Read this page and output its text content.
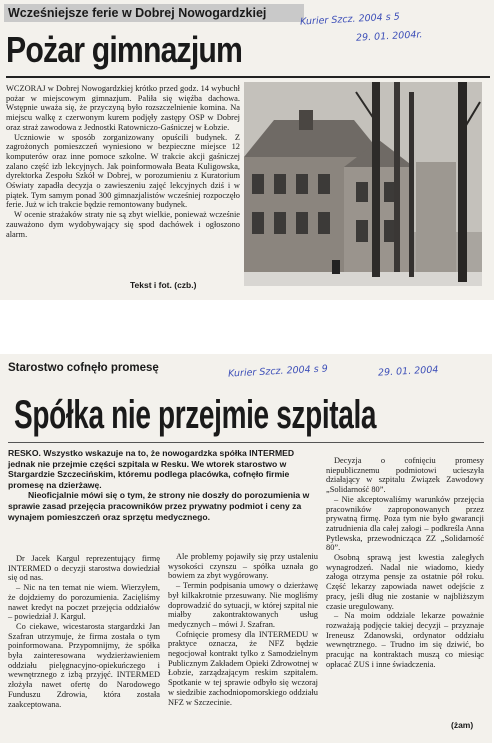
Wcześniejsze ferie w Dobrej Nowogardzkiej	Kurier Szcz. 2004 s 5
29. 01. 2004r.
Pożar gimnazjum

WCZORAJ w Dobrej Nowogardzkiej krótko przed godz. 14 wybuchł pożar w miejscowym gimnazjum. Paliła się więźba dachowa. Wstępnie uważa się, że przyczyną było rozszczelnienie komina. Na miejscu walkę z czerwonym kurem podjęły zastępy OSP w Dobrej oraz straż zawodowa z Jednostki Ratowniczo-Gaśniczej w Łobzie.

Uczniowie w sposób zorganizowany opuścili budynek. Z zagrożonych pomieszczeń wyniesiono w bezpieczne miejsce 12 komputerów oraz inne pomoce szkolne. W trakcie akcji gaśniczej zalano część izb lekcyjnych. Jak poinformowała Beata Kuligowska, dyrektorka Zespołu Szkół w Dobrej, w porozumieniu z Kuratorium Oświaty zapadła decyzja o zawieszeniu zajęć lekcyjnych dziś i w piątek. Tym samym ponad 300 gimnazjalistów wcześniej rozpoczęło ferie. Już w ich trakcie będzie remontowany budynek.

W ocenie strażaków straty nie są zbyt wielkie, ponieważ wcześnie zauważono dym wydobywający się spod dachówek i ogłoszono alarm.

Tekst i fot. (czb.)
Starostwo cofnęło promesę	Kurier Szcz. 2004 s 9	29. 01. 2004
Spółka nie przejmie szpitala

RESKO. Wszystko wskazuje na to, że nowogardzka spółka INTERMED jednak nie przejmie części szpitala w Resku. We wtorek starostwo w Stargardzie Szczecińskim, któremu podlega placówka, cofnęło firmie promesę na dzierżawę.

Nieoficjalnie mówi się o tym, że strony nie doszły do porozumienia w sprawie zasad przejęcia pracowników przez prywatny podmiot i ceny za wynajem pomieszczeń oraz sprzętu medycznego.

Dr Jacek Kargul reprezentujący firmę INTERMED o decyzji starostwa dowiedział się od nas.

– Nic na ten temat nie wiem. Wierzyłem, że dojdziemy do porozumienia. Zacięliśmy nawet kredyt na poczet przejęcia oddziałów – powiedział J. Kargul.

Co ciekawe, wicestarosta stargardzki Jan Szafran utrzymuje, że firma została o tym poinformowana. Przypomnijmy, że spółka była zainteresowana wydzierżawieniem oddziału pielęgnacyjno-opiekuńczego i wewnętrznego z izbą przyjęć. INTERMED złożyła nawet ofertę do Narodowego Funduszu Zdrowia, która została zaakceptowana.

Ale problemy pojawiły się przy ustaleniu wysokości czynszu – spółka uznała go bowiem za zbyt wygórowany.

– Termin podpisania umowy o dzierżawę był kilkakrotnie przesuwany. Nie mogliśmy doprowadzić do sytuacji, w której szpital nie miałby zakontraktowanych usług medycznych – mówi J. Szafran.

Cofnięcie promesy dla INTERMEDU w praktyce oznacza, że NFZ będzie negocjował kontrakt tylko z Samodzielnym Publicznym Zakładem Opieki Zdrowotnej w Łobzie, zarządzającym reskim szpitalem. Spotkanie w tej sprawie odbyło się wczoraj w siedzibie zachodniopomorskiego oddziału NFZ w Szczecinie.

Decyzja o cofnięciu promesy niepublicznemu podmiotowi ucieszyła działający w szpitalu Związek Zawodowy „Solidarność 80”.

– Nie akceptowaliśmy warunków przejęcia pracowników zaproponowanych przez prywatną firmę. Poza tym nie było gwarancji zatrudnienia dla całej załogi – podkreśla Anna Pytlewska, przewodnicząca ZZ „Solidarność 80”.

Osobną sprawą jest kwestia zaległych wynagrodzeń. Nadal nie wiadomo, kiedy załoga otrzyma pensje za ostatnie pół roku. Część lekarzy zapowiada nawet odejście z pracy, jeśli dług nie zostanie w najbliższym czasie uregulowany.

– Na moim oddziale lekarze poważnie rozważają podjęcie takiej decyzji – przyznaje Ireneusz Zdanowski, ordynator oddziału wewnętrznego. – Trudno im się dziwić, bo pracując na kontraktach muszą co miesiąc opłacać ZUS i inne świadczenia.

(żam)
